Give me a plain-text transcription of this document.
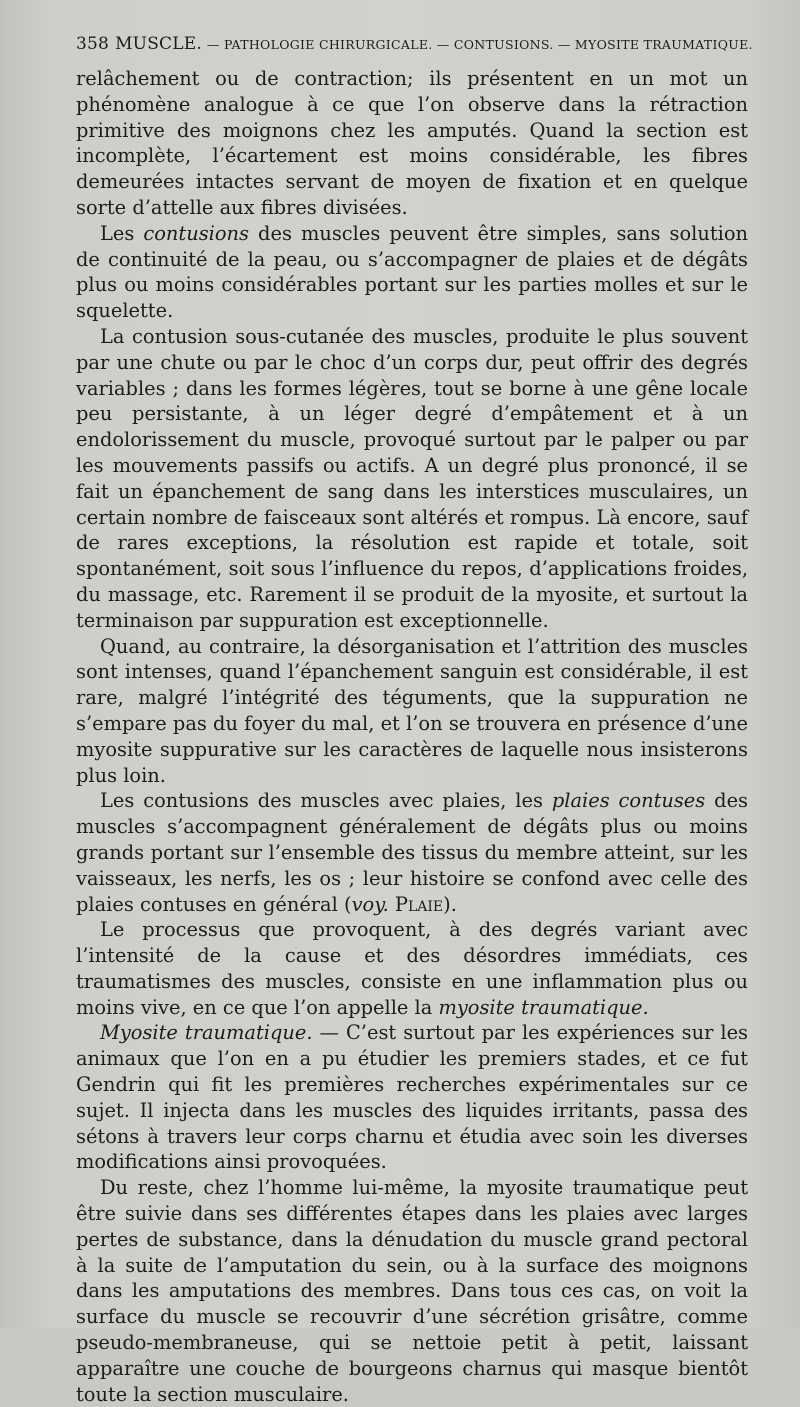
358 MUSCLE. — PATHOLOGIE CHIRURGICALE. — CONTUSIONS. — MYOSITE TRAUMATIQUE.

relâchement ou de contraction; ils présentent en un mot un phénomène analogue à ce que l’on observe dans la rétraction primitive des moignons chez les amputés. Quand la section est incomplète, l’écartement est moins considérable, les fibres demeurées intactes servant de moyen de fixation et en quelque sorte d’attelle aux fibres divisées.

Les contusions des muscles peuvent être simples, sans solution de continuité de la peau, ou s’accompagner de plaies et de dégâts plus ou moins considérables portant sur les parties molles et sur le squelette.

La contusion sous-cutanée des muscles, produite le plus souvent par une chute ou par le choc d’un corps dur, peut offrir des degrés variables ; dans les formes légères, tout se borne à une gêne locale peu persistante, à un léger degré d’empâtement et à un endolorissement du muscle, provoqué surtout par le palper ou par les mouvements passifs ou actifs. A un degré plus prononcé, il se fait un épanchement de sang dans les interstices musculaires, un certain nombre de faisceaux sont altérés et rompus. Là encore, sauf de rares exceptions, la résolution est rapide et totale, soit spontanément, soit sous l’influence du repos, d’applications froides, du massage, etc. Rarement il se produit de la myosite, et surtout la terminaison par suppuration est exceptionnelle.

Quand, au contraire, la désorganisation et l’attrition des muscles sont intenses, quand l’épanchement sanguin est considérable, il est rare, malgré l’intégrité des téguments, que la suppuration ne s’empare pas du foyer du mal, et l’on se trouvera en présence d’une myosite suppurative sur les caractères de laquelle nous insisterons plus loin.

Les contusions des muscles avec plaies, les plaies contuses des muscles s’accompagnent généralement de dégâts plus ou moins grands portant sur l’ensemble des tissus du membre atteint, sur les vaisseaux, les nerfs, les os ; leur histoire se confond avec celle des plaies contuses en général (voy. Plaie).

Le processus que provoquent, à des degrés variant avec l’intensité de la cause et des désordres immédiats, ces traumatismes des muscles, consiste en une inflammation plus ou moins vive, en ce que l’on appelle la myosite traumatique.

Myosite traumatique. — C’est surtout par les expériences sur les animaux que l’on en a pu étudier les premiers stades, et ce fut Gendrin qui fit les premières recherches expérimentales sur ce sujet. Il injecta dans les muscles des liquides irritants, passa des sétons à travers leur corps charnu et étudia avec soin les diverses modifications ainsi provoquées.

Du reste, chez l’homme lui-même, la myosite traumatique peut être suivie dans ses différentes étapes dans les plaies avec larges pertes de substance, dans la dénudation du muscle grand pectoral à la suite de l’amputation du sein, ou à la surface des moignons dans les amputations des membres. Dans tous ces cas, on voit la surface du muscle se recouvrir d’une sécrétion grisâtre, comme pseudo-membraneuse, qui se nettoie petit à petit, laissant apparaître une couche de bourgeons charnus qui masque bientôt toute la section musculaire.
